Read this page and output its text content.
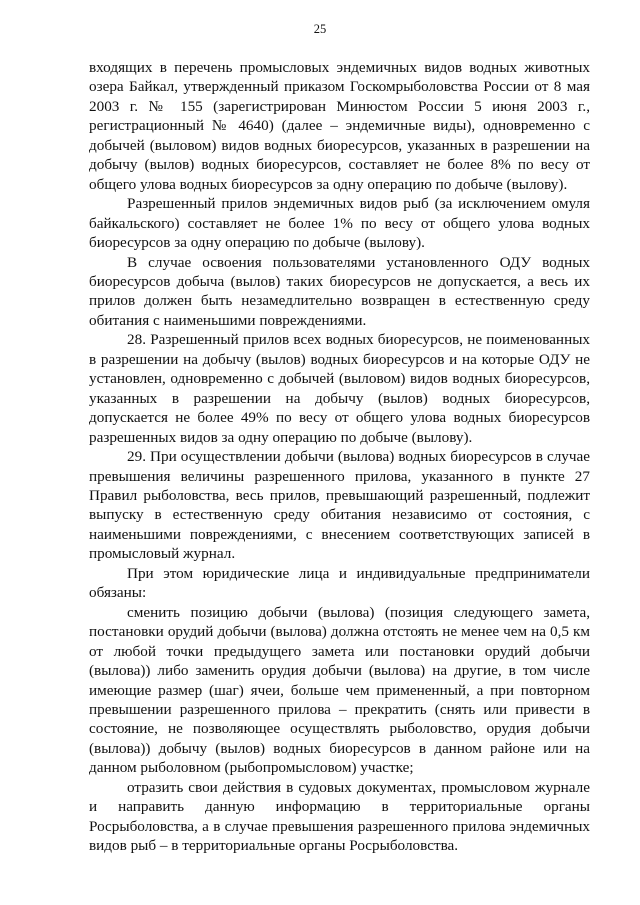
25

входящих в перечень промысловых эндемичных видов водных животных озера Байкал, утвержденный приказом Госкомрыболовства России от 8 мая 2003 г. № 155 (зарегистрирован Минюстом России 5 июня 2003 г., регистрационный № 4640) (далее – эндемичные виды), одновременно с добычей (выловом) видов водных биоресурсов, указанных в разрешении на добычу (вылов) водных биоресурсов, составляет не более 8% по весу от общего улова водных биоресурсов за одну операцию по добыче (вылову).

Разрешенный прилов эндемичных видов рыб (за исключением омуля байкальского) составляет не более 1% по весу от общего улова водных биоресурсов за одну операцию по добыче (вылову).

В случае освоения пользователями установленного ОДУ водных биоресурсов добыча (вылов) таких биоресурсов не допускается, а весь их прилов должен быть незамедлительно возвращен в естественную среду обитания с наименьшими повреждениями.

28. Разрешенный прилов всех водных биоресурсов, не поименованных в разрешении на добычу (вылов) водных биоресурсов и на которые ОДУ не установлен, одновременно с добычей (выловом) видов водных биоресурсов, указанных в разрешении на добычу (вылов) водных биоресурсов, допускается не более 49% по весу от общего улова водных биоресурсов разрешенных видов за одну операцию по добыче (вылову).

29. При осуществлении добычи (вылова) водных биоресурсов в случае превышения величины разрешенного прилова, указанного в пункте 27 Правил рыболовства, весь прилов, превышающий разрешенный, подлежит выпуску в естественную среду обитания независимо от состояния, с наименьшими повреждениями, с внесением соответствующих записей в промысловый журнал.

При этом юридические лица и индивидуальные предприниматели обязаны:

сменить позицию добычи (вылова) (позиция следующего замета, постановки орудий добычи (вылова) должна отстоять не менее чем на 0,5 км от любой точки предыдущего замета или постановки орудий добычи (вылова)) либо заменить орудия добычи (вылова) на другие, в том числе имеющие размер (шаг) ячеи, больше чем примененный, а при повторном превышении разрешенного прилова – прекратить (снять или привести в состояние, не позволяющее осуществлять рыболовство, орудия добычи (вылова)) добычу (вылов) водных биоресурсов в данном районе или на данном рыболовном (рыбопромысловом) участке;

отразить свои действия в судовых документах, промысловом журнале и направить данную информацию в территориальные органы Росрыболовства, а в случае превышения разрешенного прилова эндемичных видов рыб – в территориальные органы Росрыболовства.
